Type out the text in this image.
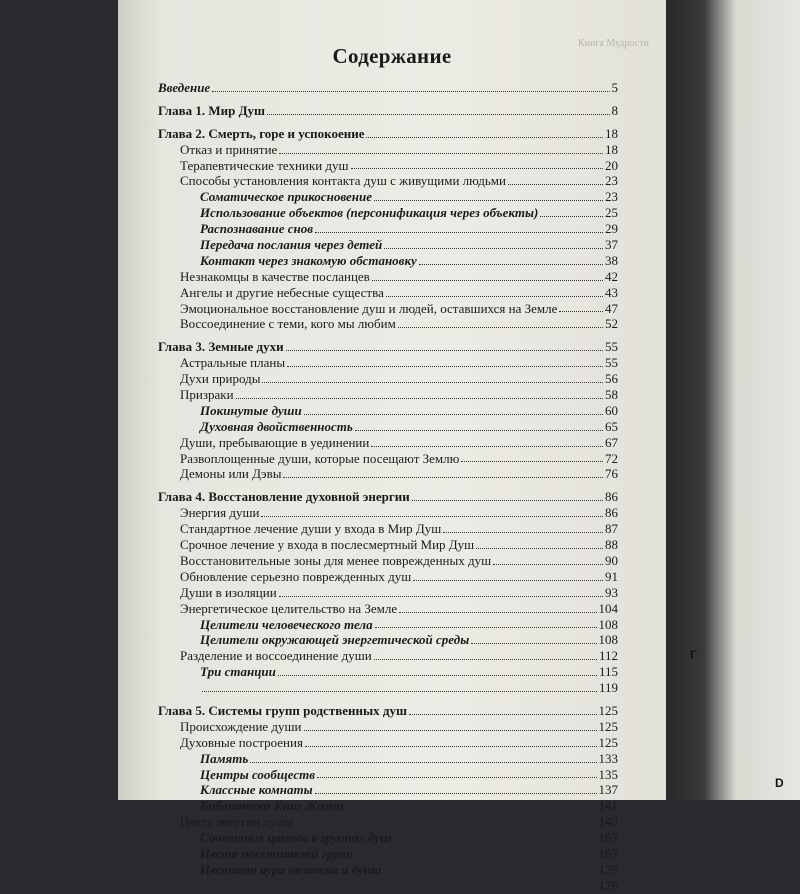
Книга Мудрости
Содержание
Введение	5
Глава 1. Мир Душ	8
Глава 2. Смерть, горе и успокоение	18
Отказ и принятие	18
Терапевтические техники душ	20
Способы установления контакта душ с живущими людьми	23
Соматическое прикосновение	23
Использование объектов (персонификация через объекты)	25
Распознавание снов	29
Передача послания через детей	37
Контакт через знакомую обстановку	38
Незнакомцы в качестве посланцев	42
Ангелы и другие небесные существа	43
Эмоциональное восстановление душ и людей, оставшихся на Земле	47
Воссоединение с теми, кого мы любим	52
Глава 3. Земные духи	55
Астральные планы	55
Духи природы	56
Призраки	58
Покинутые души	60
Духовная двойственность	65
Души, пребывающие в уединении	67
Развоплощенные души, которые посещают Землю	72
Демоны или Дэвы	76
Глава 4. Восстановление духовной энергии	86
Энергия души	86
Стандартное лечение души у входа в Мир Душ	87
Срочное лечение у входа в послесмертный Мир Душ	88
Восстановительные зоны для менее поврежденных душ	90
Обновление серьезно поврежденных душ	91
Души в изоляции	93
Энергетическое целительство на Земле	104
Целители человеческого тела	108
Целители окружающей энергетической среды	108
Разделение и воссоединение души	112
Три станции	115
119
Глава 5. Системы групп родственных душ	125
Происхождение души	125
Духовные построения	125
Память	133
Центры сообществ	135
Классные комнаты	137
Библиотека Книг Жизни	141
Цвета энергии души	148
Сочетание цветов в группах душ	167
Цвета посетителей групп	167
Цветовая аура человека и души	175
176
Г
D
